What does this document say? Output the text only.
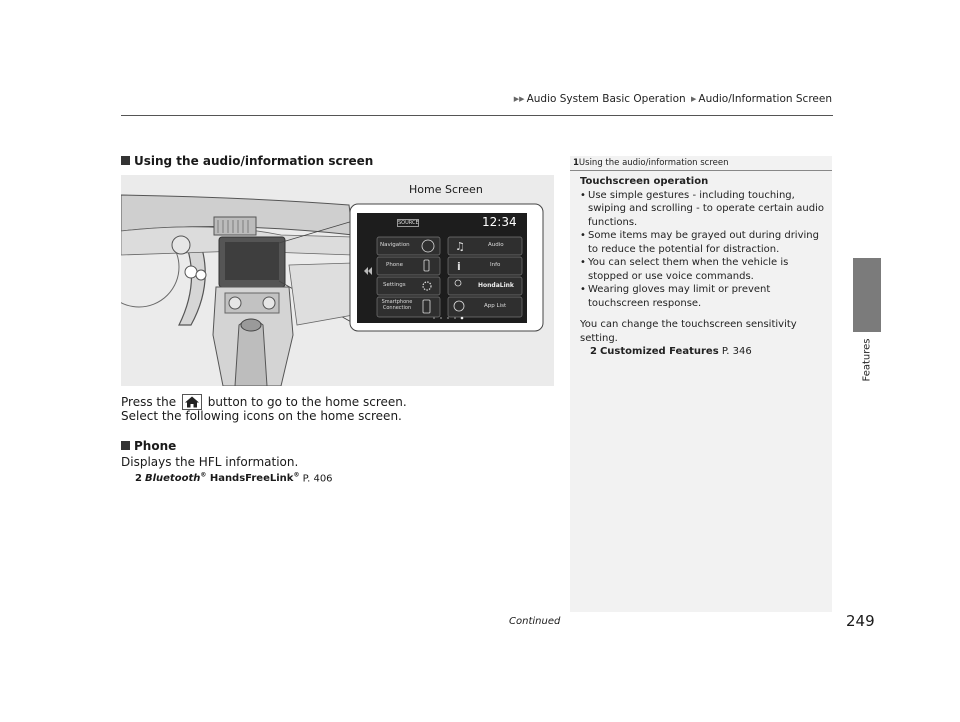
▶▶ Audio System Basic Operation ▶ Audio/Information Screen
Features
Using the audio/information screen
♫
i
SOURCE	12:34
Navigation
Phone
Settings
Smartphone Connection
Audio
Info
HondaLink
App List
Home Screen
Press the	button to go to the home screen.
Select the following icons on the home screen.
Phone
Displays the HFL information.
2 Bluetooth® HandsFreeLink® P. 406
1Using the audio/information screen
Touchscreen operation
• Use simple gestures - including touching, swiping and scrolling - to operate certain audio functions.
• Some items may be grayed out during driving to reduce the potential for distraction.
• You can select them when the vehicle is stopped or use voice commands.
• Wearing gloves may limit or prevent touchscreen response.
You can change the touchscreen sensitivity setting.
2 Customized Features P. 346
Continued	249
